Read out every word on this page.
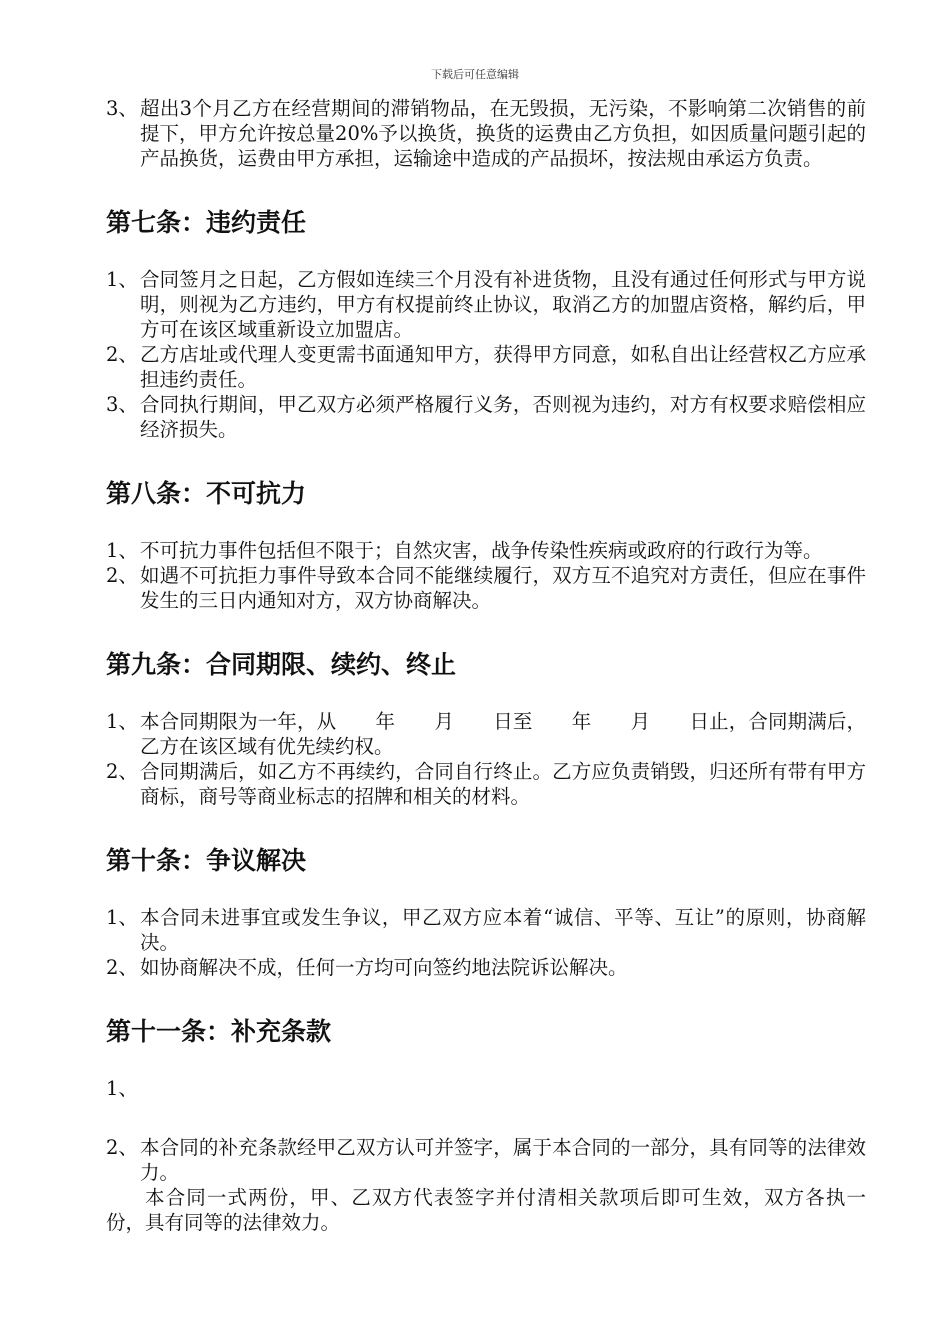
下载后可任意编辑
3、 超出3个月乙方在经营期间的滞销物品，在无毁损，无污染，不影响第二次销售的前提下，甲方允许按总量20%予以换货，换货的运费由乙方负担，如因质量问题引起的产品换货，运费由甲方承担，运输途中造成的产品损坏，按法规由承运方负责。
第七条：违约责任
1、 合同签月之日起，乙方假如连续三个月没有补进货物，且没有通过任何形式与甲方说明，则视为乙方违约，甲方有权提前终止协议，取消乙方的加盟店资格，解约后，甲方可在该区域重新设立加盟店。
2、 乙方店址或代理人变更需书面通知甲方，获得甲方同意，如私自出让经营权乙方应承担违约责任。
3、 合同执行期间，甲乙双方必须严格履行义务，否则视为违约，对方有权要求赔偿相应经济损失。
第八条：不可抗力
1、 不可抗力事件包括但不限于；自然灾害，战争传染性疾病或政府的行政行为等。
2、 如遇不可抗拒力事件导致本合同不能继续履行，双方互不追究对方责任，但应在事件发生的三日内通知对方，双方协商解决。
第九条：合同期限、续约、终止
1、 本合同期限为一年，从　　年　　月　　日至　　年　　月　　日止，合同期满后，乙方在该区域有优先续约权。
2、 合同期满后，如乙方不再续约，合同自行终止。乙方应负责销毁，归还所有带有甲方商标，商号等商业标志的招牌和相关的材料。
第十条：争议解决
1、 本合同未进事宜或发生争议，甲乙双方应本着“诚信、平等、互让”的原则，协商解决。
2、 如协商解决不成，任何一方均可向签约地法院诉讼解决。
第十一条：补充条款
1、
2、 本合同的补充条款经甲乙双方认可并签字，属于本合同的一部分，具有同等的法律效力。
本合同一式两份，甲、乙双方代表签字并付清相关款项后即可生效，双方各执一份，具有同等的法律效力。
